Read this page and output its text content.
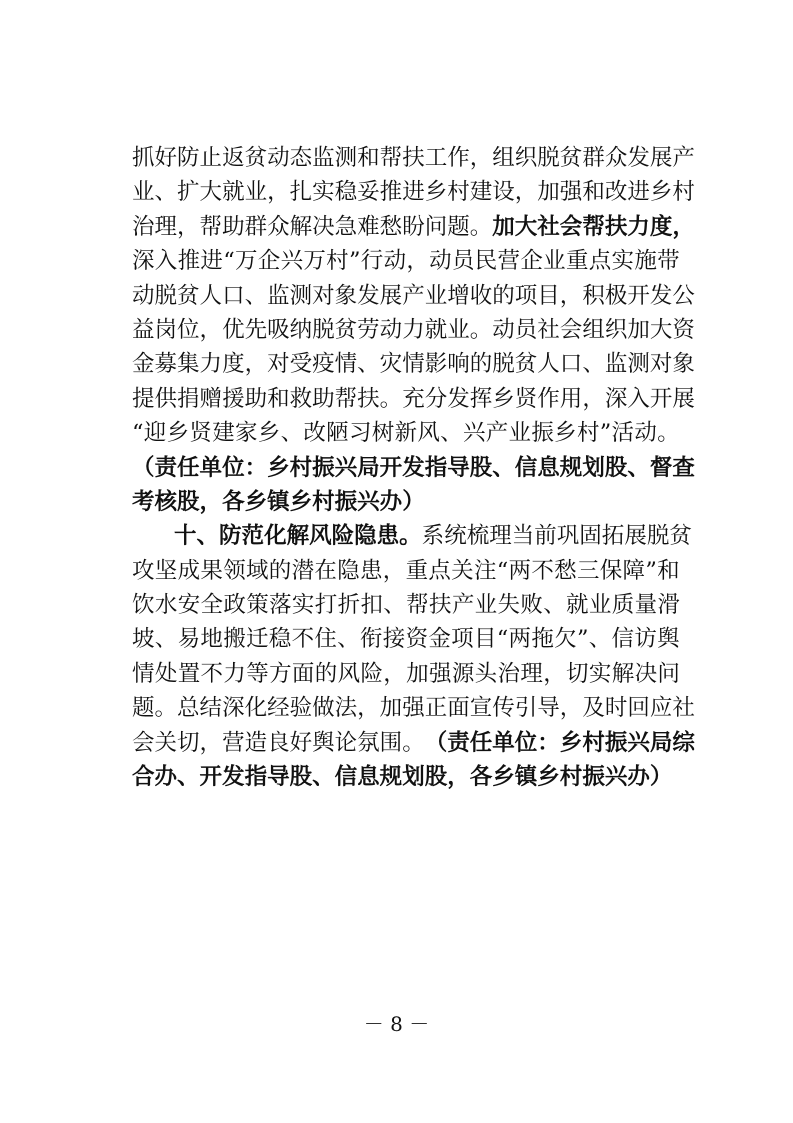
抓 好 防 止 返 贫 动 态 监 测 和 帮 扶 工 作 ， 组 织 脱 贫 群 众 发 展 产
业 、 扩 大 就 业 ， 扎 实 稳 妥 推 进 乡 村 建 设 ， 加 强 和 改 进 乡 村
治 理 ， 帮 助 群 众 解 决 急 难 愁 盼 问 题 。 加 大 社 会 帮 扶 力 度 ，
深 入 推 进 “ 万 企 兴 万 村 ” 行 动 ， 动 员 民 营 企 业 重 点 实 施 带
动 脱 贫 人 口 、 监 测 对 象 发 展 产 业 增 收 的 项 目 ， 积 极 开 发 公
益 岗 位 ， 优 先 吸 纳 脱 贫 劳 动 力 就 业 。 动 员 社 会 组 织 加 大 资
金 募 集 力 度 ， 对 受 疫 情 、 灾 情 影 响 的 脱 贫 人 口 、 监 测 对 象
提 供 捐 赠 援 助 和 救 助 帮 扶 。 充 分 发 挥 乡 贤 作 用 ， 深 入 开 展
“ 迎 乡 贤 建 家 乡 、 改 陋 习 树 新 风 、 兴 产 业 振 乡 村 ” 活 动 。
（ 责 任 单 位 ： 乡 村 振 兴 局 开 发 指 导 股 、 信 息 规 划 股 、 督 查
考 核 股 ， 各 乡 镇 乡 村 振 兴 办 ）
十 、 防 范 化 解 风 险 隐 患 。 系 统 梳 理 当 前 巩 固 拓 展 脱 贫
攻 坚 成 果 领 域 的 潜 在 隐 患 ， 重 点 关 注 “ 两 不 愁 三 保 障 ” 和
饮 水 安 全 政 策 落 实 打 折 扣 、 帮 扶 产 业 失 败 、 就 业 质 量 滑
坡 、 易 地 搬 迁 稳 不 住 、 衔 接 资 金 项 目 “ 两 拖 欠 ” 、 信 访 舆
情 处 置 不 力 等 方 面 的 风 险 ， 加 强 源 头 治 理 ， 切 实 解 决 问
题 。 总 结 深 化 经 验 做 法 ， 加 强 正 面 宣 传 引 导 ， 及 时 回 应 社
会 关 切 ， 营 造 良 好 舆 论 氛 围 。 （ 责 任 单 位 ： 乡 村 振 兴 局 综
合 办 、 开 发 指 导 股 、 信 息 规 划 股 ， 各 乡 镇 乡 村 振 兴 办 ）
－ 8 －
